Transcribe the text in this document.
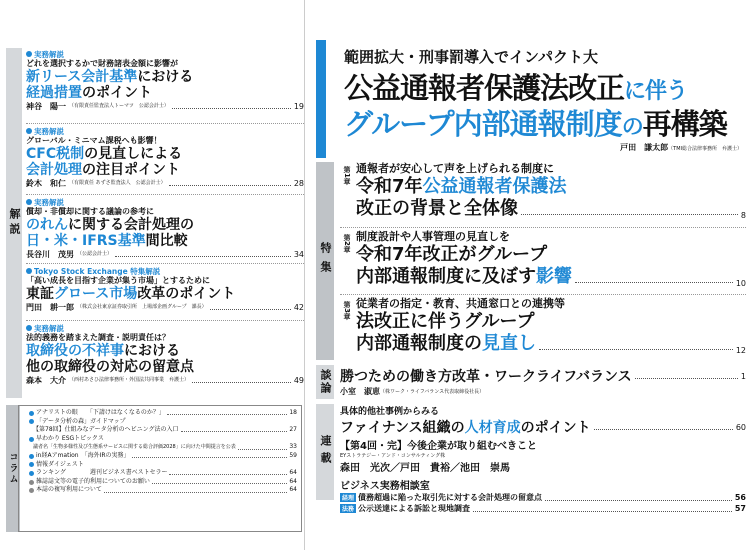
解説
実務解説
どれを選択するかで財務諸表金額に影響が
新リース会計基準における
経過措置のポイント
神谷　陽一 （有限責任監査法人トーマツ　公認会計士）	19
実務解説
グローバル・ミニマム課税へも影響！
CFC税制の見直しによる
会計処理の注目ポイント
鈴木　和仁 （有限責任 あずさ監査法人　公認会計士）	28
実務解説
償却・非償却に関する議論の参考に
のれんに関する会計処理の
日・米・IFRS基準間比較
長谷川　茂男 （公認会計士）	34
Tokyo Stock Exchange 特集解説
「高い成長を目指す企業が集う市場」とするために
東証グロース市場改革のポイント
門田　耕一郎 （株式会社東京証券取引所　上場部企画グループ　課長）	42
実務解説
法的義務を踏まえた調査・説明責任は？
取締役の不祥事における
他の取締役の対応の留意点
森本　大介 （西村あさひ法律事務所・外国法共同事業　弁護士）	49
コラム
アナリストの眼　　「下請けはなくなるのか？」	18
「データ分析の森」ガイドマップ
【第78回】仕組みなデータ分析のヘビニング法の入口	27
早わかり ESGトピックス
議者名「生物多様性及び生態系サービスに関する総合評価2028」に向けた中間提言を公表	33
in経Aアmation　「海外IRの実務」	59
情報ダイジェスト
ランキング　　　　週刊ビジネス書ベストセラー	64
雑誌誌文等の電子的利用についてのお願い	64
本誌の複写利用について	64
範囲拡大・刑事罰導入でインパクト大
公益通報者保護法改正に伴う
グループ内部通報制度の再構築
戸田　謙太郎（TMI総合法律事務所　弁護士）
特集
第1章 通報者が安心して声を上げられる制度に
令和7年公益通報者保護法
改正の背景と全体像	8
第2章 制度設計や人事管理の見直しを
令和7年改正がグループ
内部通報制度に及ぼす影響	10
第3章 従業者の指定・教育、共通窓口との連携等
法改正に伴うグループ
内部通報制度の見直し	12
談論 勝つための働き方改革・ワークライフバランス	1
小室　淑恵 （株ワーク・ライフバランス代表取締役社長）
連載
具体的他社事例からみる
ファイナンス組織の人材育成のポイント	60
【第4回・完】今後企業が取り組むべきこと
EYストラテジー・アンド・コンサルティング株
森田　光次／戸田　貴裕／池田　崇馬
ビジネス実務相談室
経理 債務超過に陥った取引先に対する会計処理の留意点	56
法務 公示送達による訴訟と現地調査	57
